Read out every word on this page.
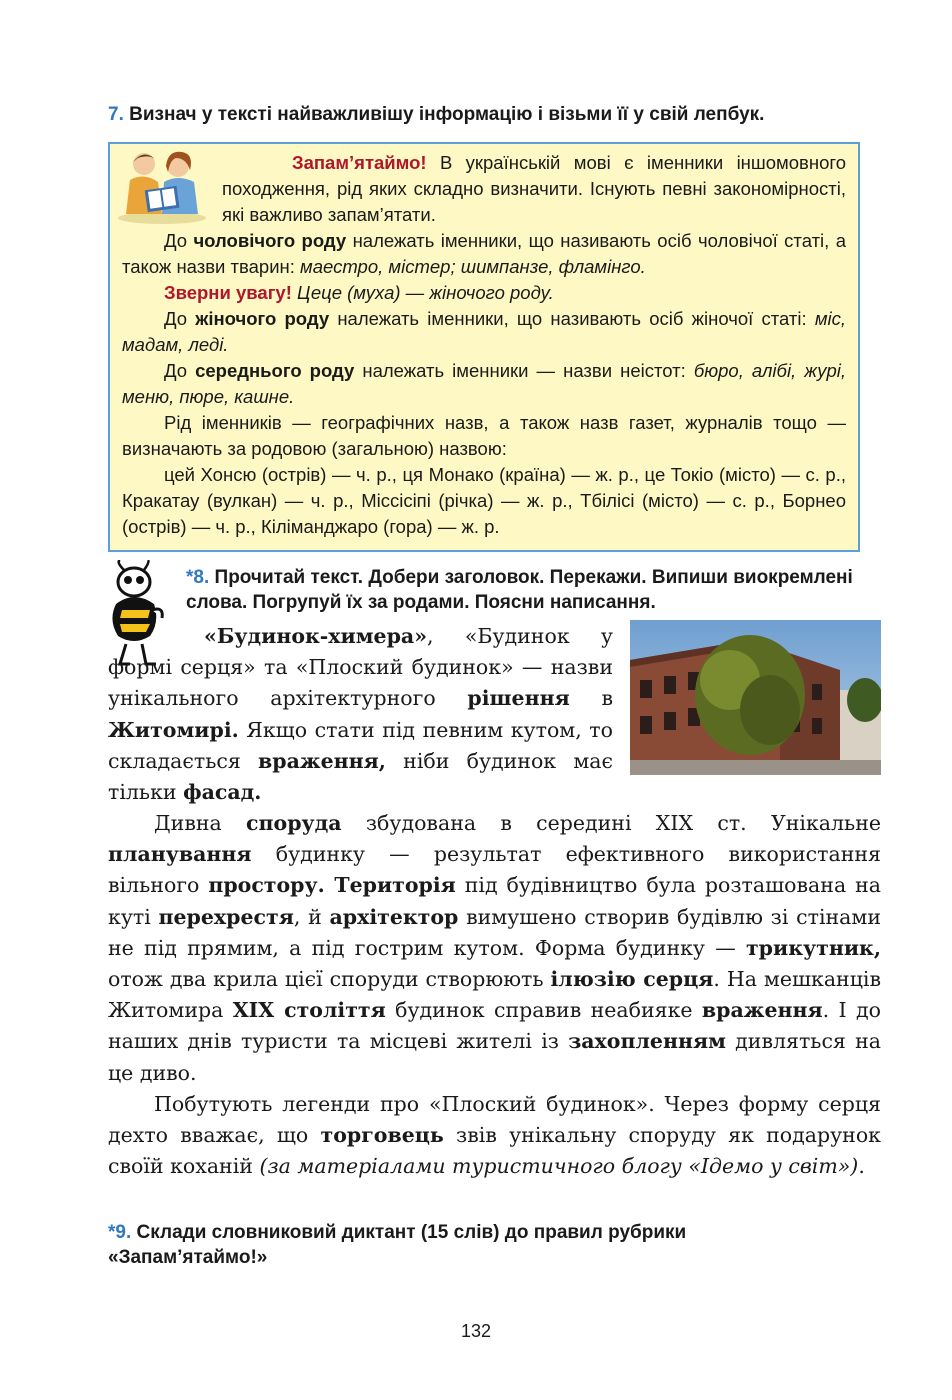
7. Визнач у тексті найважливішу інформацію і візьми її у свій лепбук.

Запам’ятаймо! В українській мові є іменники іншомовного походження, рід яких складно визначити. Існують певні закономірності, які важливо запам’ятати.

До чоловічого роду належать іменники, що називають осіб чоловічої статі, а також назви тварин: маестро, містер; шимпанзе, фламінго.

Зверни увагу! Цеце (муха) — жіночого роду.

До жіночого роду належать іменники, що називають осіб жіночої статі: міс, мадам, леді.

До середнього роду належать іменники — назви неістот: бюро, алібі, журі, меню, пюре, кашне.

Рід іменників — географічних назв, а також назв газет, журналів тощо — визначають за родовою (загальною) назвою:

цей Хонсю (острів) — ч. р., ця Монако (країна) — ж. р., це Токіо (місто) — с. р., Кракатау (вулкан) — ч. р., Міссісіпі (річка) — ж. р., Тбілісі (місто) — с. р., Борнео (острів) — ч. р., Кіліманджаро (гора) — ж. р.

*8. Прочитай текст. Добери заголовок. Перекажи. Випиши виокремлені слова. Погрупуй їх за родами. Поясни написання.

«Будинок-химера», «Будинок у формі серця» та «Плоский будинок» — назви унікального архітектурного рішення в Житомирі. Якщо стати під певним кутом, то складається враження, ніби будинок має тільки фасад.

Дивна споруда збудована в середині ХІХ ст. Унікальне планування будинку — результат ефективного використання вільного простору. Територія під будівництво була розташована на куті перехрестя, й архітектор вимушено створив будівлю зі стінами не під прямим, а під гострим кутом. Форма будинку — трикутник, отож два крила цієї споруди створюють ілюзію серця. На мешканців Житомира ХІХ століття будинок справив неабияке враження. І до наших днів туристи та місцеві жителі із захопленням дивляться на це диво.

Побутують легенди про «Плоский будинок». Через форму серця дехто вважає, що торговець звів унікальну споруду як подарунок своїй коханій (за матеріалами туристичного блогу «Ідемо у світ»).

*9. Склади словниковий диктант (15 слів) до правил рубрики «Запам’ятаймо!»
132
